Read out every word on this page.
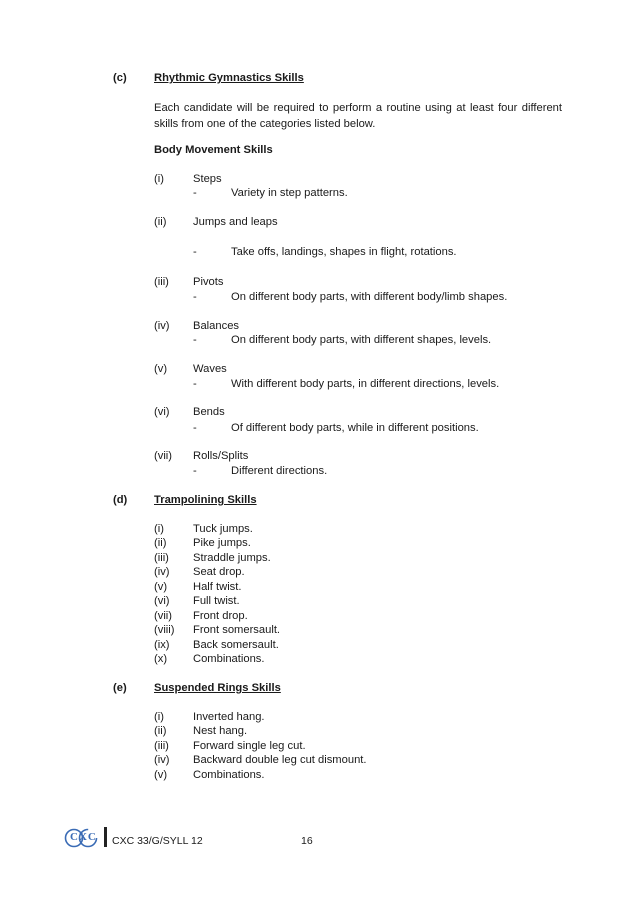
(c) Rhythmic Gymnastics Skills
Each candidate will be required to perform a routine using at least four different skills from one of the categories listed below.
Body Movement Skills
(i)	Steps
-	Variety in step patterns.
(ii) Jumps and leaps
-	Take offs, landings, shapes in flight, rotations.
(iii) Pivots
-	On different body parts, with different body/limb shapes.
(iv) Balances
-	On different body parts, with different shapes, levels.
(v) Waves
-	With different body parts, in different directions, levels.
(vi) Bends
-	Of different body parts, while in different positions.
(vii) Rolls/Splits
-	Different directions.
(d) Trampolining Skills
(i)	Tuck jumps.
(ii) Pike jumps.
(iii) Straddle jumps.
(iv) Seat drop.
(v) Half twist.
(vi) Full twist.
(vii) Front drop.
(viii) Front somersault.
(ix) Back somersault.
(x) Combinations.
(e) Suspended Rings Skills
(i)	Inverted hang.
(ii) Nest hang.
(iii) Forward single leg cut.
(iv) Backward double leg cut dismount.
(v) Combinations.
CXC CXC 33/G/SYLL 12	16
